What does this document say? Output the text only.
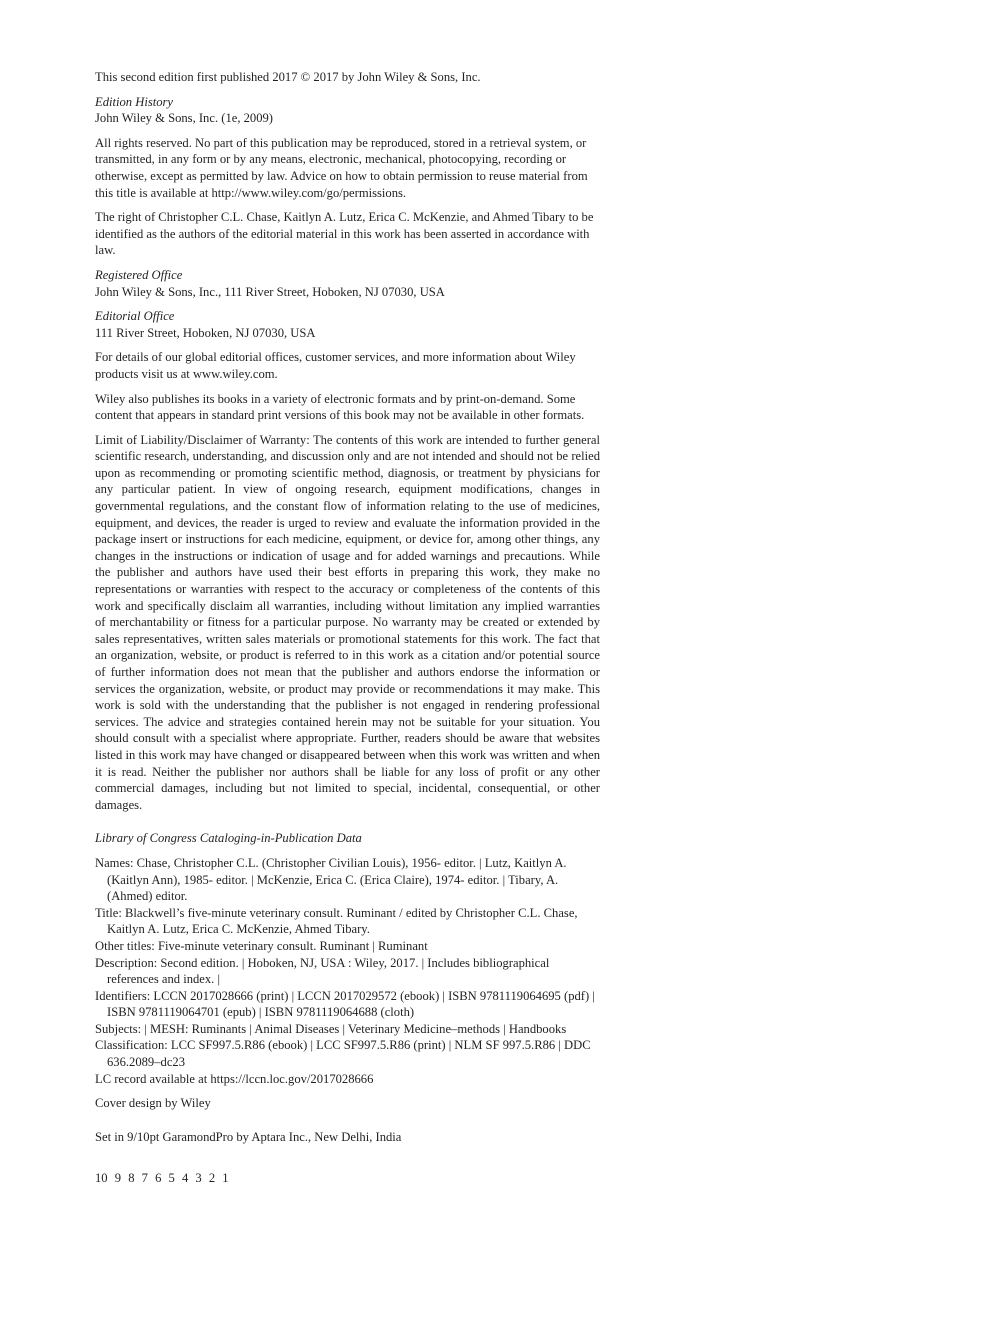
This second edition first published 2017 © 2017 by John Wiley & Sons, Inc.

Edition History

John Wiley & Sons, Inc. (1e, 2009)

All rights reserved. No part of this publication may be reproduced, stored in a retrieval system, or transmitted, in any form or by any means, electronic, mechanical, photocopying, recording or otherwise, except as permitted by law. Advice on how to obtain permission to reuse material from this title is available at http://www.wiley.com/go/permissions.

The right of Christopher C.L. Chase, Kaitlyn A. Lutz, Erica C. McKenzie, and Ahmed Tibary to be identified as the authors of the editorial material in this work has been asserted in accordance with law.

Registered Office

John Wiley & Sons, Inc., 111 River Street, Hoboken, NJ 07030, USA

Editorial Office

111 River Street, Hoboken, NJ 07030, USA

For details of our global editorial offices, customer services, and more information about Wiley products visit us at www.wiley.com.

Wiley also publishes its books in a variety of electronic formats and by print-on-demand. Some content that appears in standard print versions of this book may not be available in other formats.

Limit of Liability/Disclaimer of Warranty: The contents of this work are intended to further general scientific research, understanding, and discussion only and are not intended and should not be relied upon as recommending or promoting scientific method, diagnosis, or treatment by physicians for any particular patient. In view of ongoing research, equipment modifications, changes in governmental regulations, and the constant flow of information relating to the use of medicines, equipment, and devices, the reader is urged to review and evaluate the information provided in the package insert or instructions for each medicine, equipment, or device for, among other things, any changes in the instructions or indication of usage and for added warnings and precautions. While the publisher and authors have used their best efforts in preparing this work, they make no representations or warranties with respect to the accuracy or completeness of the contents of this work and specifically disclaim all warranties, including without limitation any implied warranties of merchantability or fitness for a particular purpose. No warranty may be created or extended by sales representatives, written sales materials or promotional statements for this work. The fact that an organization, website, or product is referred to in this work as a citation and/or potential source of further information does not mean that the publisher and authors endorse the information or services the organization, website, or product may provide or recommendations it may make. This work is sold with the understanding that the publisher is not engaged in rendering professional services. The advice and strategies contained herein may not be suitable for your situation. You should consult with a specialist where appropriate. Further, readers should be aware that websites listed in this work may have changed or disappeared between when this work was written and when it is read. Neither the publisher nor authors shall be liable for any loss of profit or any other commercial damages, including but not limited to special, incidental, consequential, or other damages.

Library of Congress Cataloging-in-Publication Data
Names: Chase, Christopher C.L. (Christopher Civilian Louis), 1956- editor. | Lutz, Kaitlyn A. (Kaitlyn Ann), 1985- editor. | McKenzie, Erica C. (Erica Claire), 1974- editor. | Tibary, A. (Ahmed) editor.
Title: Blackwell’s five-minute veterinary consult. Ruminant / edited by Christopher C.L. Chase, Kaitlyn A. Lutz, Erica C. McKenzie, Ahmed Tibary.
Other titles: Five-minute veterinary consult. Ruminant | Ruminant
Description: Second edition. | Hoboken, NJ, USA : Wiley, 2017. | Includes bibliographical references and index. |
Identifiers: LCCN 2017028666 (print) | LCCN 2017029572 (ebook) | ISBN 9781119064695 (pdf) | ISBN 9781119064701 (epub) | ISBN 9781119064688 (cloth)
Subjects: | MESH: Ruminants | Animal Diseases | Veterinary Medicine–methods | Handbooks
Classification: LCC SF997.5.R86 (ebook) | LCC SF997.5.R86 (print) | NLM SF 997.5.R86 | DDC 636.2089–dc23

LC record available at https://lccn.loc.gov/2017028666

Cover design by Wiley

Set in 9/10pt GaramondPro by Aptara Inc., New Delhi, India

10 9 8 7 6 5 4 3 2 1
